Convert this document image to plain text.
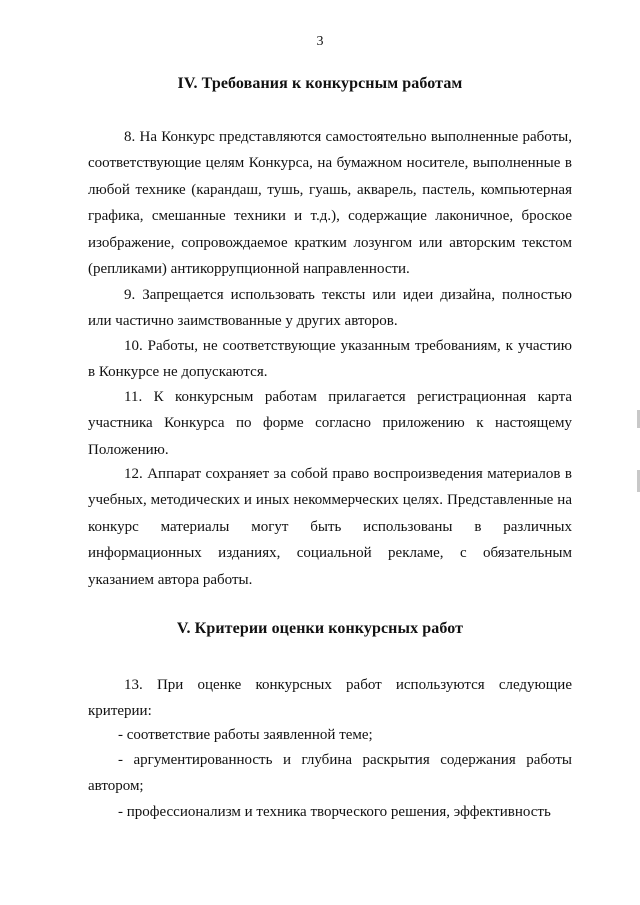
3
IV. Требования к конкурсным работам

8. На Конкурс представляются самостоятельно выполненные работы, соответствующие целям Конкурса, на бумажном носителе, выполненные в любой технике (карандаш, тушь, гуашь, акварель, пастель, компьютерная графика, смешанные техники и т.д.), содержащие лаконичное, броское изображение, сопровождаемое кратким лозунгом или авторским текстом (репликами) антикоррупционной направленности.

9. Запрещается использовать тексты или идеи дизайна, полностью или частично заимствованные у других авторов.

10. Работы, не соответствующие указанным требованиям, к участию в Конкурсе не допускаются.

11. К конкурсным работам прилагается регистрационная карта участника Конкурса по форме согласно приложению к настоящему Положению.

12. Аппарат сохраняет за собой право воспроизведения материалов в учебных, методических и иных некоммерческих целях. Представленные на конкурс материалы могут быть использованы в различных информационных изданиях, социальной рекламе, с обязательным указанием автора работы.

V. Критерии оценки конкурсных работ

13. При оценке конкурсных работ используются следующие критерии:

- соответствие работы заявленной теме;

- аргументированность и глубина раскрытия содержания работы автором;

- профессионализм и техника творческого решения, эффективность
